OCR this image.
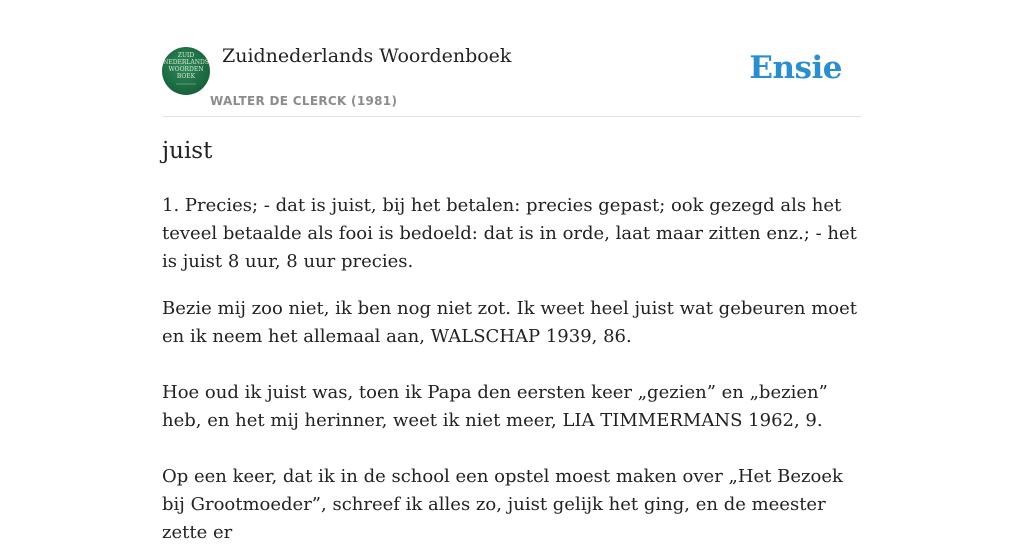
ZUID
NEDERLANDS
WOORDEN
BOEK
Zuidnederlands Woordenboek
WALTER DE CLERCK (1981)
Ensie
juist

1. Precies; - dat is juist, bij het betalen: precies gepast; ook gezegd als het teveel betaalde als fooi is bedoeld: dat is in orde, laat maar zitten enz.; - het is juist 8 uur, 8 uur precies.

Bezie mij zoo niet, ik ben nog niet zot. Ik weet heel juist wat gebeuren moet en ik neem het allemaal aan, WALSCHAP 1939, 86.

Hoe oud ik juist was, toen ik Papa den eersten keer „gezien” en „bezien” heb, en het mij herinner, weet ik niet meer, LIA TIMMERMANS 1962, 9.

Op een keer, dat ik in de school een opstel moest maken over „Het Bezoek bij Grootmoeder”, schreef ik alles zo, juist gelijk het ging, en de meester zette er
